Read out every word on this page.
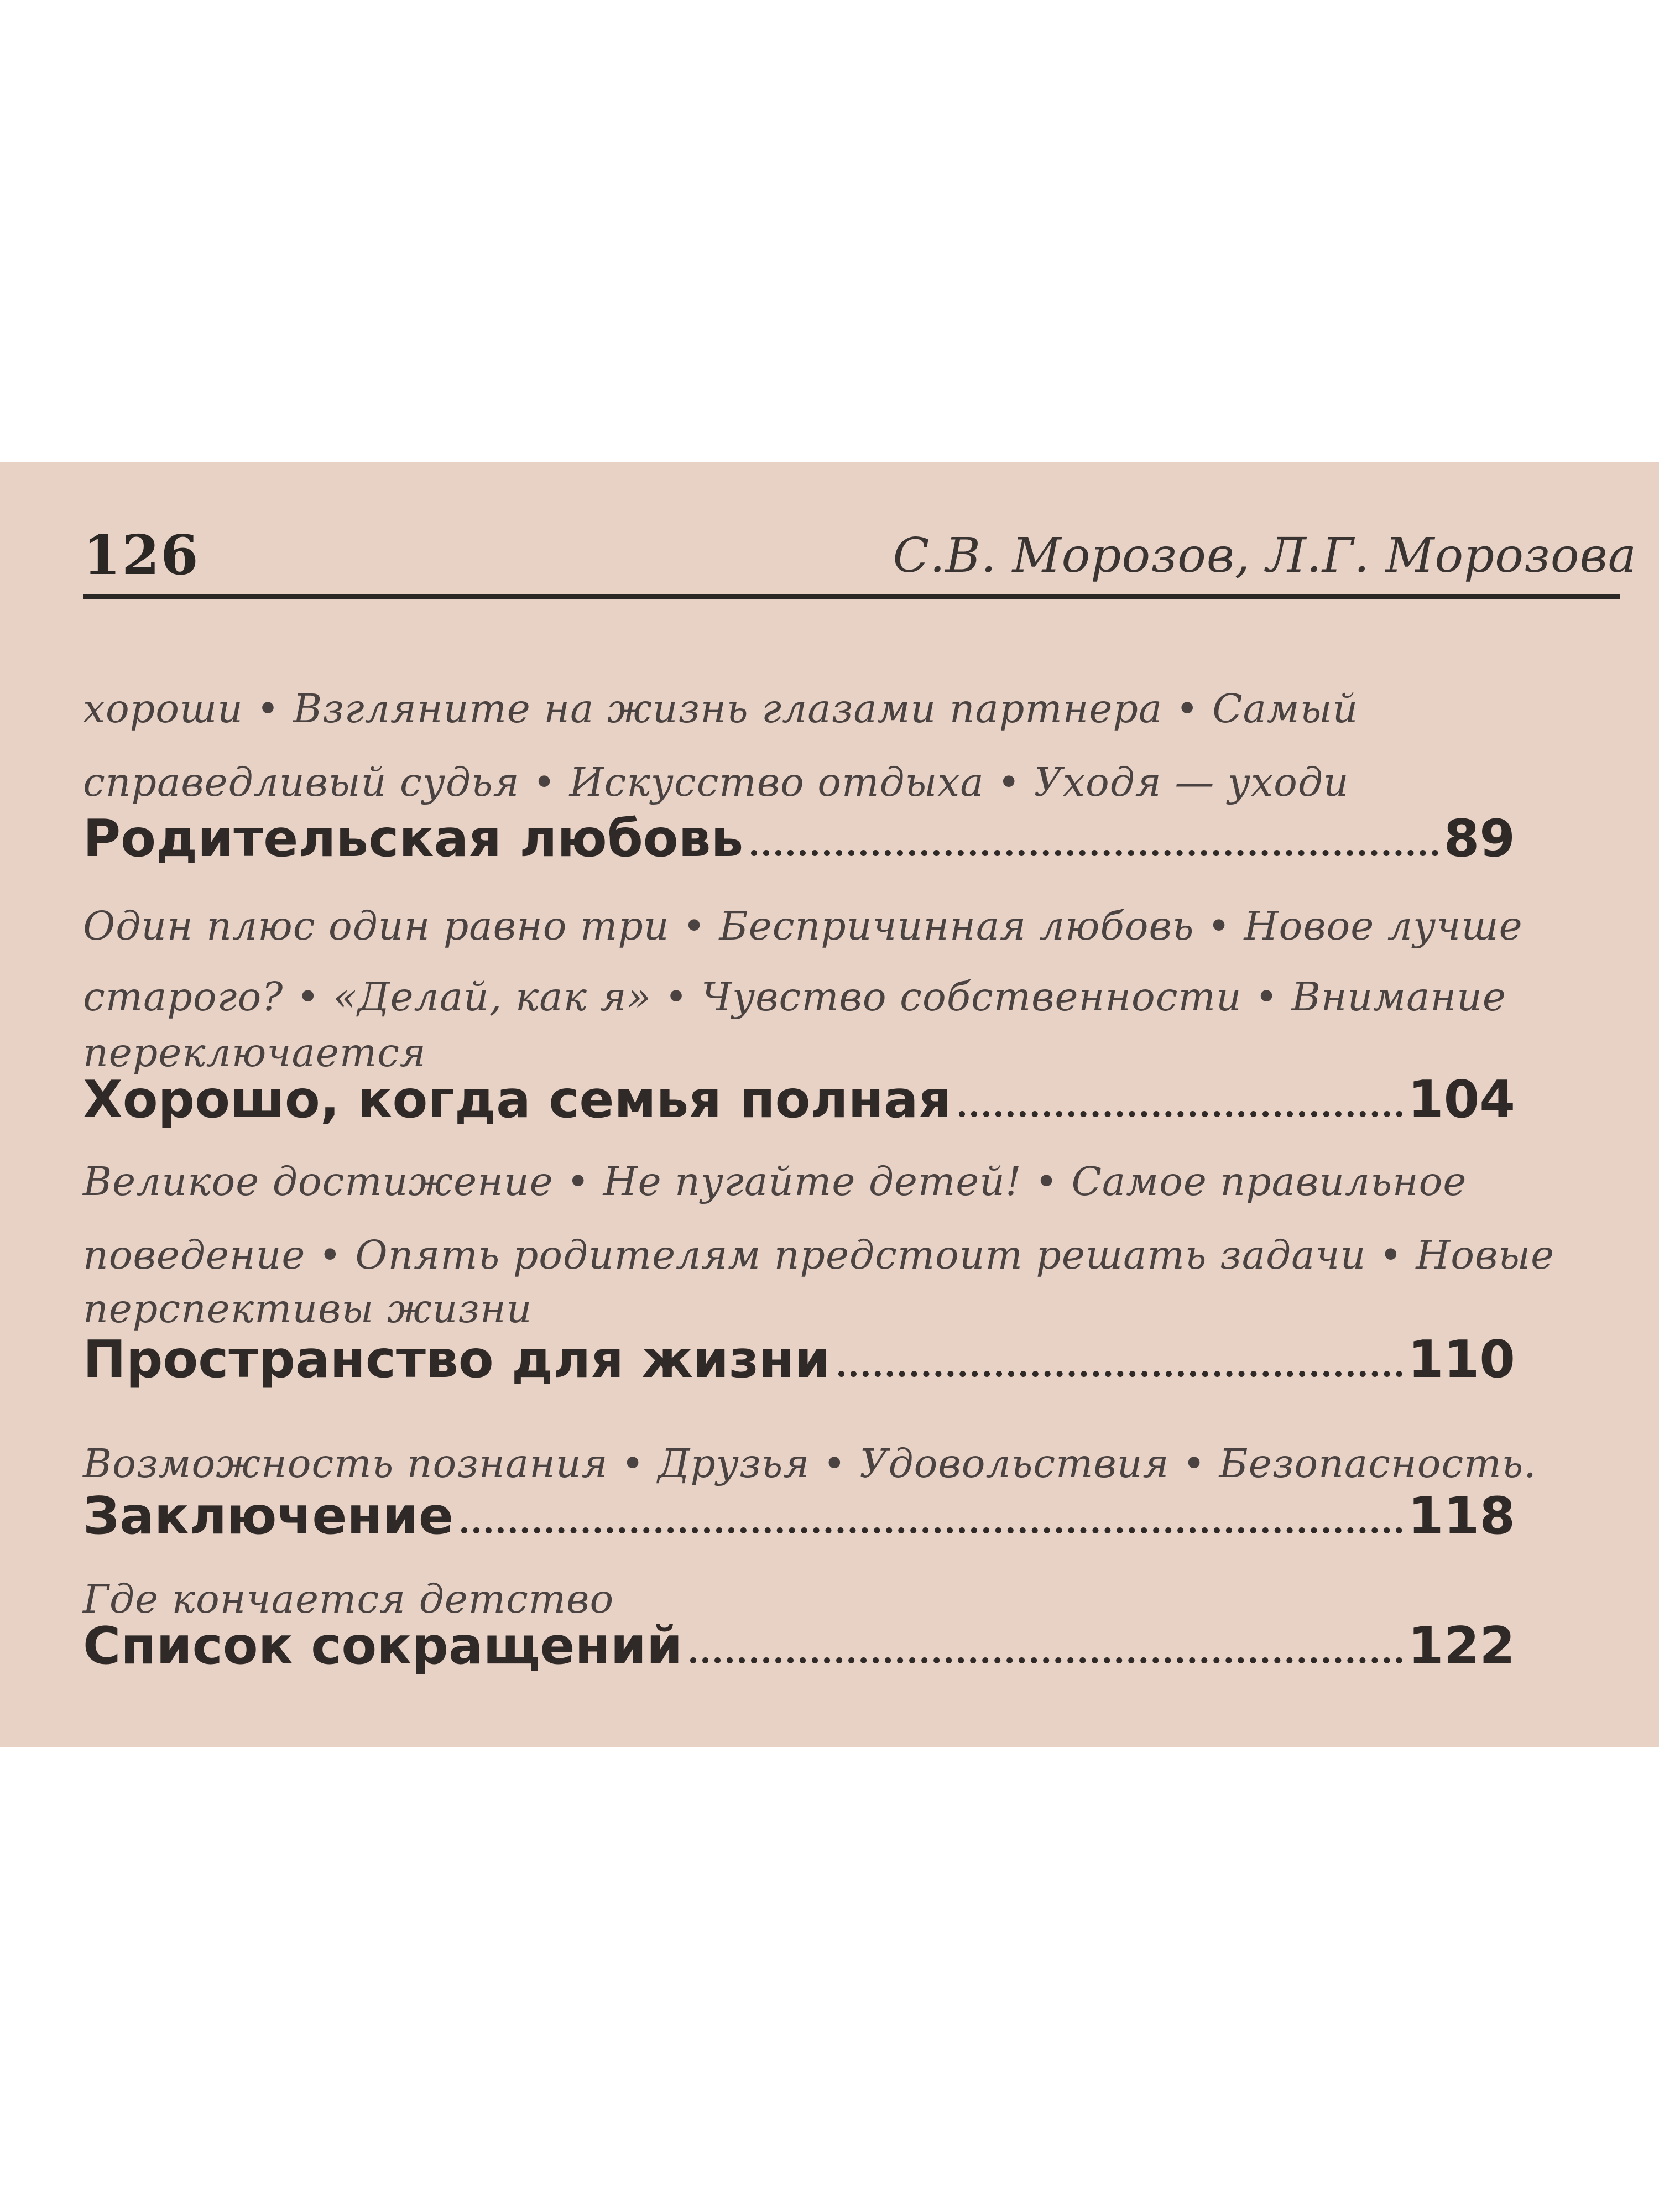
126	С.В. Морозов, Л.Г. Морозова
хороши • Взгляните на жизнь глазами партнера • Самый
справедливый судья • Искусство отдыха • Уходя — уходи
Родительская любовь	89
Один плюс один равно три • Беспричинная любовь • Новое лучше
старого? • «Делай, как я» • Чувство собственности • Внимание
переключается
Хорошо, когда семья полная	104
Великое достижение • Не пугайте детей! • Самое правильное
поведение • Опять родителям предстоит решать задачи • Новые
перспективы жизни
Пространство для жизни	110
Возможность познания • Друзья • Удовольствия • Безопасность.
Заключение	118
Где кончается детство
Список сокращений	122
